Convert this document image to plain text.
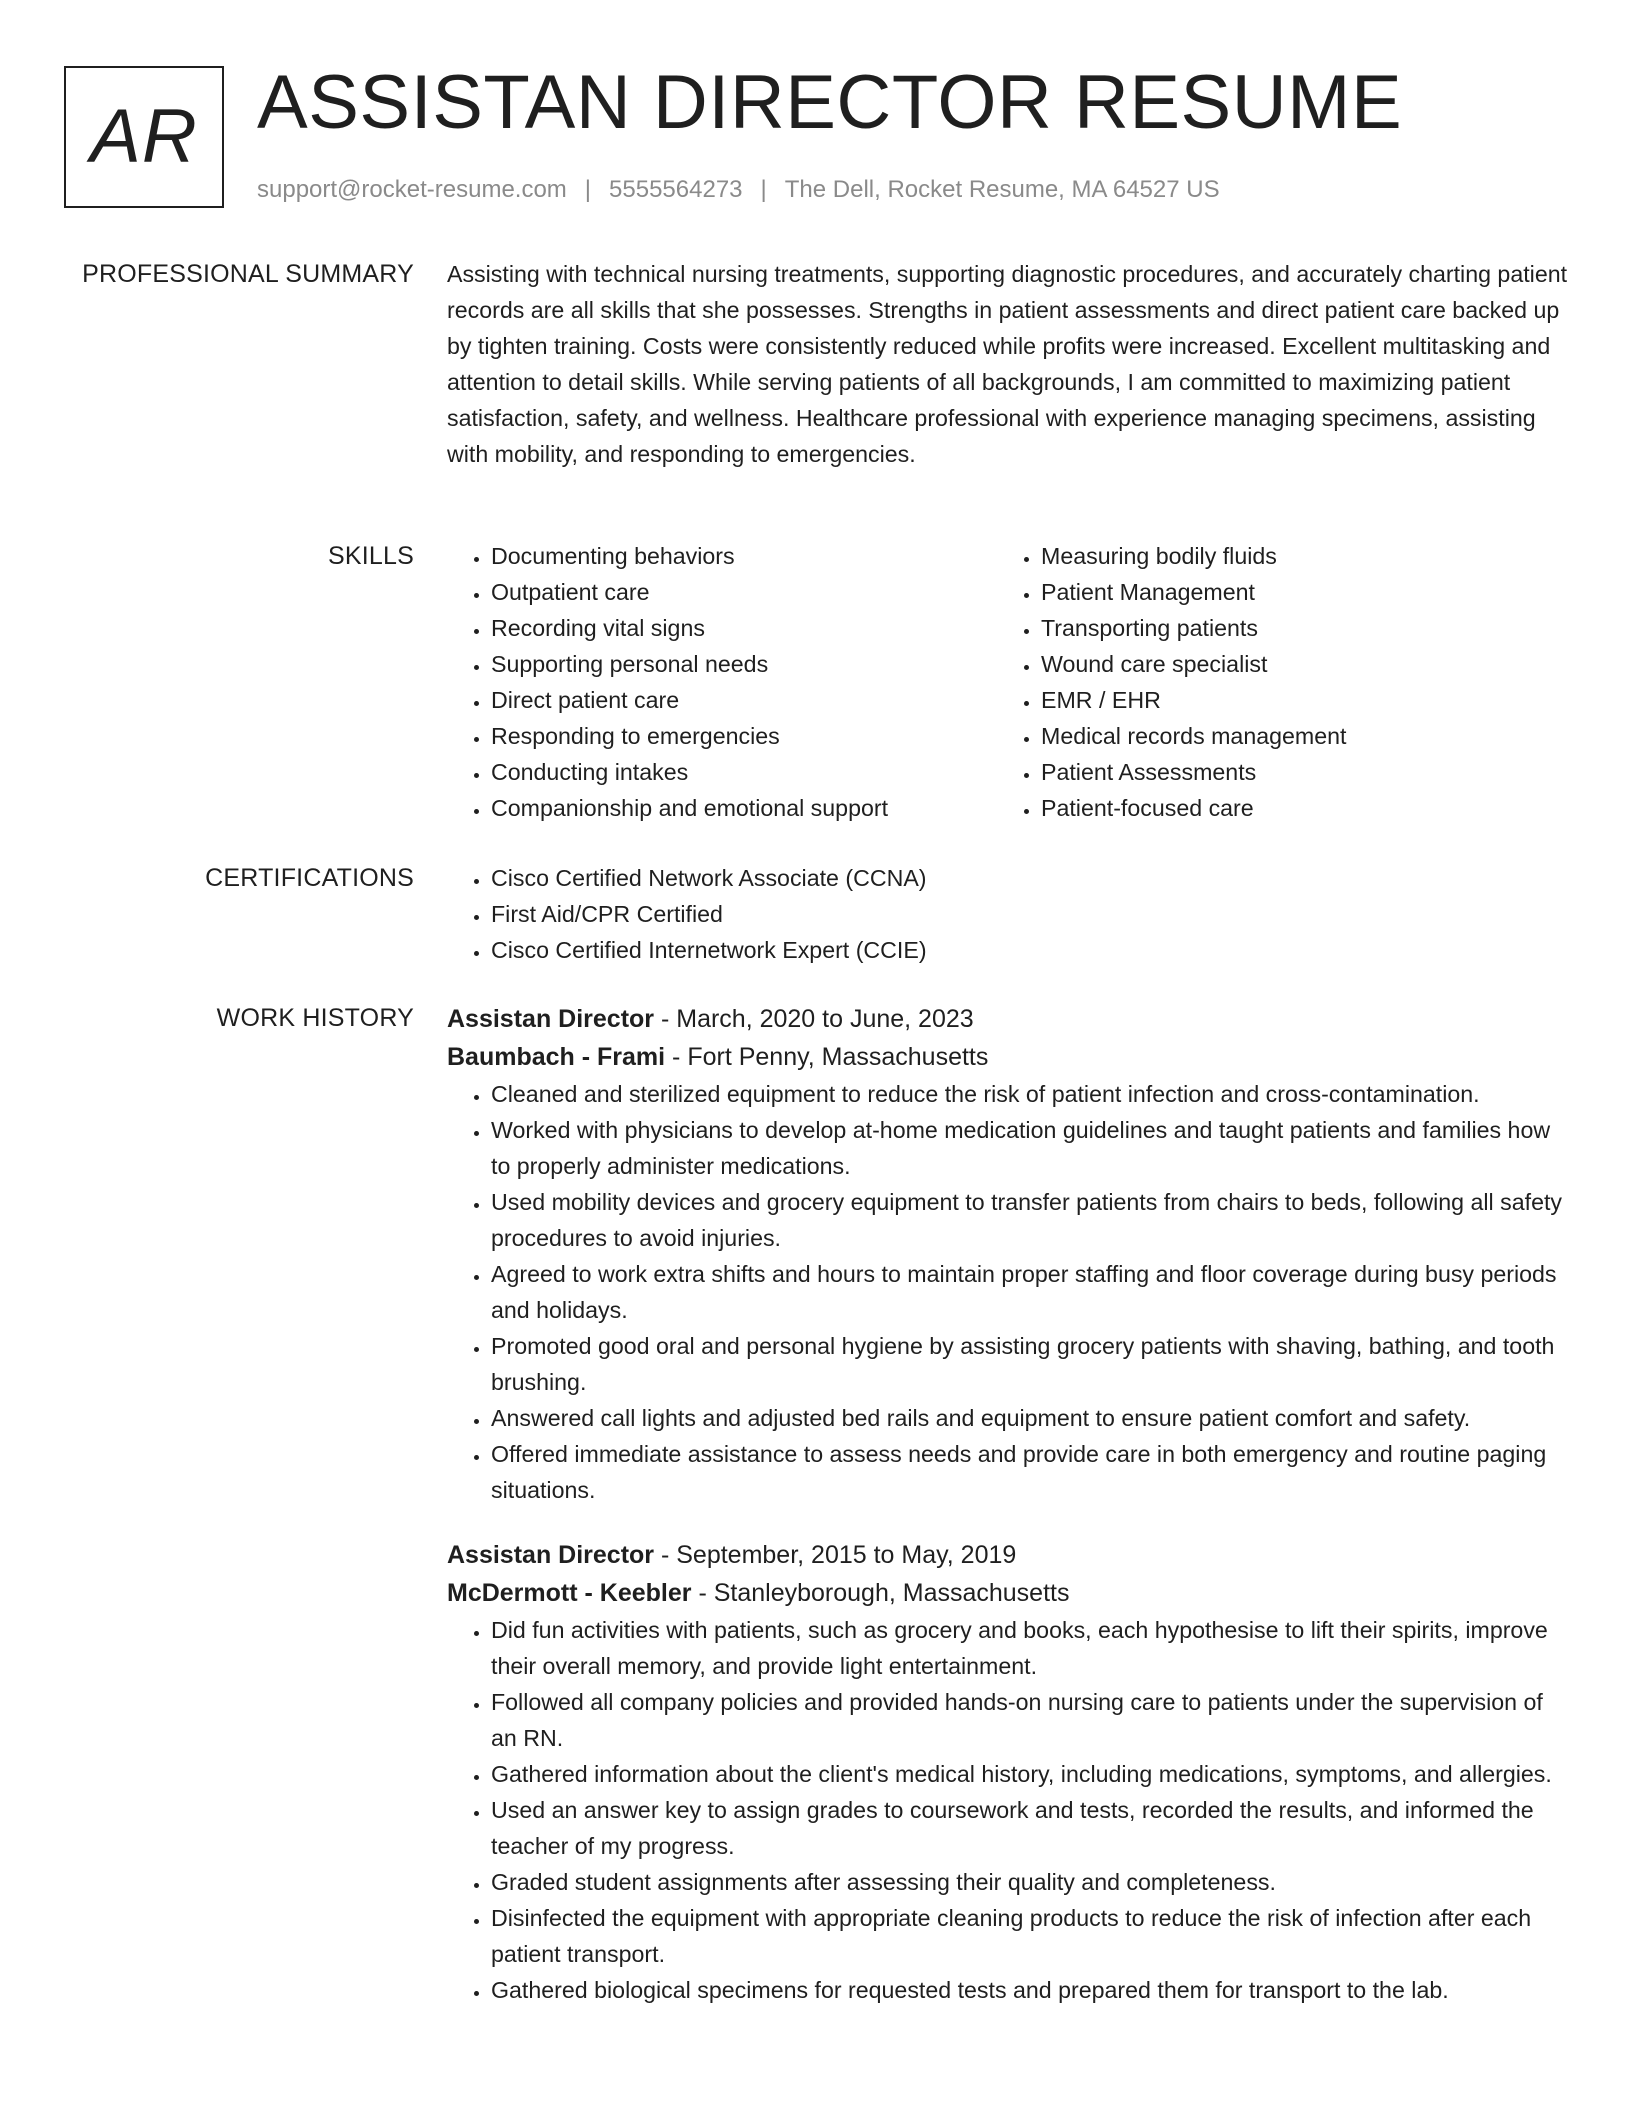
AR ASSISTAN DIRECTOR RESUME
support@rocket-resume.com | 5555564273 | The Dell, Rocket Resume, MA 64527 US
PROFESSIONAL SUMMARY Assisting with technical nursing treatments, supporting diagnostic procedures, and accurately charting patient records are all skills that she possesses. Strengths in patient assessments and direct patient care backed up by tighten training. Costs were consistently reduced while profits were increased. Excellent multitasking and attention to detail skills. While serving patients of all backgrounds, I am committed to maximizing patient satisfaction, safety, and wellness. Healthcare professional with experience managing specimens, assisting with mobility, and responding to emergencies.

SKILLS	• Documenting behaviors
• Outpatient care
• Recording vital signs
• Supporting personal needs
• Direct patient care
• Responding to emergencies
• Conducting intakes
• Companionship and emotional support
• Measuring bodily fluids
• Patient Management
• Transporting patients
• Wound care specialist
• EMR / EHR
• Medical records management
• Patient Assessments
• Patient-focused care
CERTIFICATIONS	• Cisco Certified Network Associate (CCNA)
• First Aid/CPR Certified
• Cisco Certified Internetwork Expert (CCIE)
WORK HISTORY Assistan Director - March, 2020 to June, 2023
Baumbach - Frami - Fort Penny, Massachusetts
• Cleaned and sterilized equipment to reduce the risk of patient infection and cross-contamination.
• Worked with physicians to develop at-home medication guidelines and taught patients and families how to properly administer medications.
• Used mobility devices and grocery equipment to transfer patients from chairs to beds, following all safety procedures to avoid injuries.
• Agreed to work extra shifts and hours to maintain proper staffing and floor coverage during busy periods and holidays.
• Promoted good oral and personal hygiene by assisting grocery patients with shaving, bathing, and tooth brushing.
• Answered call lights and adjusted bed rails and equipment to ensure patient comfort and safety.
• Offered immediate assistance to assess needs and provide care in both emergency and routine paging situations.
Assistan Director - September, 2015 to May, 2019
McDermott - Keebler - Stanleyborough, Massachusetts
• Did fun activities with patients, such as grocery and books, each hypothesise to lift their spirits, improve their overall memory, and provide light entertainment.
• Followed all company policies and provided hands-on nursing care to patients under the supervision of an RN.
• Gathered information about the client's medical history, including medications, symptoms, and allergies.
• Used an answer key to assign grades to coursework and tests, recorded the results, and informed the teacher of my progress.
• Graded student assignments after assessing their quality and completeness.
• Disinfected the equipment with appropriate cleaning products to reduce the risk of infection after each patient transport.
• Gathered biological specimens for requested tests and prepared them for transport to the lab.
